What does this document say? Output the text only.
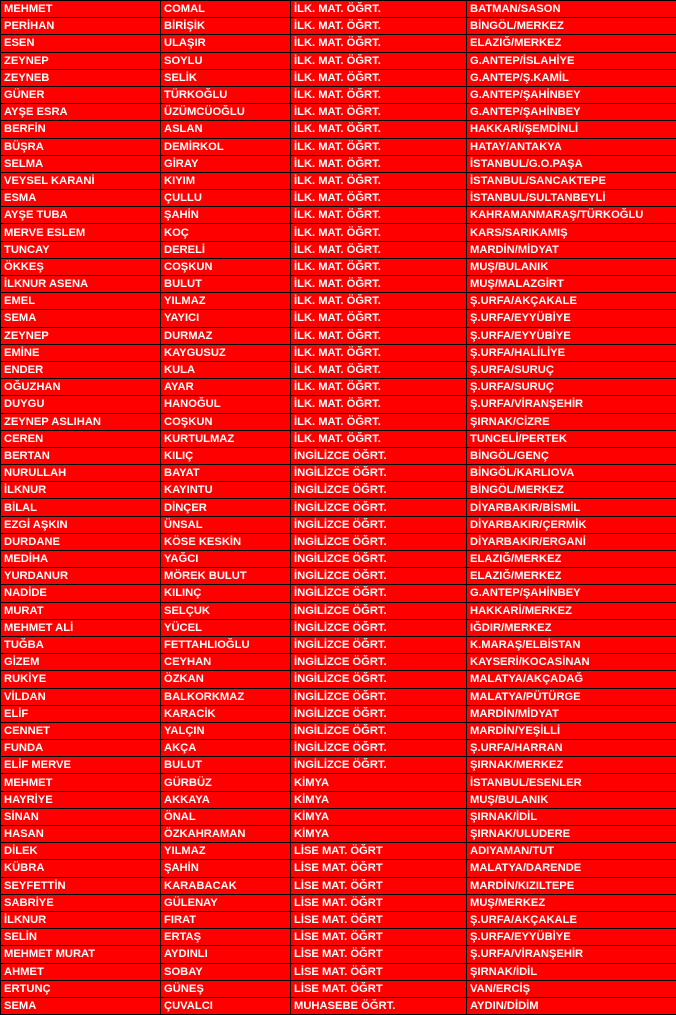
MEHMET	COMAL	İLK. MAT. ÖĞRT.	BATMAN/SASON
PERİHAN	BİRİŞİK	İLK. MAT. ÖĞRT.	BİNGÖL/MERKEZ
ESEN	ULAŞIR	İLK. MAT. ÖĞRT.	ELAZIĞ/MERKEZ
ZEYNEP	SOYLU	İLK. MAT. ÖĞRT.	G.ANTEP/İSLAHİYE
ZEYNEB	SELİK	İLK. MAT. ÖĞRT.	G.ANTEP/Ş.KAMİL
GÜNER	TÜRKOĞLU	İLK. MAT. ÖĞRT.	G.ANTEP/ŞAHİNBEY
AYŞE ESRA	ÜZÜMCÜOĞLU	İLK. MAT. ÖĞRT.	G.ANTEP/ŞAHİNBEY
BERFİN	ASLAN	İLK. MAT. ÖĞRT.	HAKKARİ/ŞEMDİNLİ
BÜŞRA	DEMİRKOL	İLK. MAT. ÖĞRT.	HATAY/ANTAKYA
SELMA	GİRAY	İLK. MAT. ÖĞRT.	İSTANBUL/G.O.PAŞA
VEYSEL KARANİ	KIYIM	İLK. MAT. ÖĞRT.	İSTANBUL/SANCAKTEPE
ESMA	ÇULLU	İLK. MAT. ÖĞRT.	İSTANBUL/SULTANBEYLİ
AYŞE TUBA	ŞAHİN	İLK. MAT. ÖĞRT.	KAHRAMANMARAŞ/TÜRKOĞLU
MERVE ESLEM	KOÇ	İLK. MAT. ÖĞRT.	KARS/SARIKAMIŞ
TUNCAY	DERELİ	İLK. MAT. ÖĞRT.	MARDİN/MİDYAT
ÖKKEŞ	COŞKUN	İLK. MAT. ÖĞRT.	MUŞ/BULANIK
İLKNUR ASENA	BULUT	İLK. MAT. ÖĞRT.	MUŞ/MALAZGİRT
EMEL	YILMAZ	İLK. MAT. ÖĞRT.	Ş.URFA/AKÇAKALE
SEMA	YAYICI	İLK. MAT. ÖĞRT.	Ş.URFA/EYYÜBİYE
ZEYNEP	DURMAZ	İLK. MAT. ÖĞRT.	Ş.URFA/EYYÜBİYE
EMİNE	KAYGUSUZ	İLK. MAT. ÖĞRT.	Ş.URFA/HALİLİYE
ENDER	KULA	İLK. MAT. ÖĞRT.	Ş.URFA/SURUÇ
OĞUZHAN	AYAR	İLK. MAT. ÖĞRT.	Ş.URFA/SURUÇ
DUYGU	HANOĞUL	İLK. MAT. ÖĞRT.	Ş.URFA/VİRANŞEHİR
ZEYNEP ASLIHAN	COŞKUN	İLK. MAT. ÖĞRT.	ŞIRNAK/CİZRE
CEREN	KURTULMAZ	İLK. MAT. ÖĞRT.	TUNCELİ/PERTEK
BERTAN	KILIÇ	İNGİLİZCE ÖĞRT.	BİNGÖL/GENÇ
NURULLAH	BAYAT	İNGİLİZCE ÖĞRT.	BİNGÖL/KARLIOVA
İLKNUR	KAYINTU	İNGİLİZCE ÖĞRT.	BİNGÖL/MERKEZ
BİLAL	DİNÇER	İNGİLİZCE ÖĞRT.	DİYARBAKIR/BİSMİL
EZGİ AŞKIN	ÜNSAL	İNGİLİZCE ÖĞRT.	DİYARBAKIR/ÇERMİK
DURDANE	KÖSE KESKİN	İNGİLİZCE ÖĞRT.	DİYARBAKIR/ERGANİ
MEDİHA	YAĞCI	İNGİLİZCE ÖĞRT.	ELAZIĞ/MERKEZ
YURDANUR	MÖREK BULUT	İNGİLİZCE ÖĞRT.	ELAZIĞ/MERKEZ
NADİDE	KILINÇ	İNGİLİZCE ÖĞRT.	G.ANTEP/ŞAHİNBEY
MURAT	SELÇUK	İNGİLİZCE ÖĞRT.	HAKKARİ/MERKEZ
MEHMET ALİ	YÜCEL	İNGİLİZCE ÖĞRT.	IĞDIR/MERKEZ
TUĞBA	FETTAHLIOĞLU	İNGİLİZCE ÖĞRT.	K.MARAŞ/ELBİSTAN
GİZEM	CEYHAN	İNGİLİZCE ÖĞRT.	KAYSERİ/KOCASİNAN
RUKİYE	ÖZKAN	İNGİLİZCE ÖĞRT.	MALATYA/AKÇADAĞ
VİLDAN	BALKORKMAZ	İNGİLİZCE ÖĞRT.	MALATYA/PÜTÜRGE
ELİF	KARACİK	İNGİLİZCE ÖĞRT.	MARDİN/MİDYAT
CENNET	YALÇIN	İNGİLİZCE ÖĞRT.	MARDİN/YEŞİLLİ
FUNDA	AKÇA	İNGİLİZCE ÖĞRT.	Ş.URFA/HARRAN
ELİF MERVE	BULUT	İNGİLİZCE ÖĞRT.	ŞIRNAK/MERKEZ
MEHMET	GÜRBÜZ	KİMYA	İSTANBUL/ESENLER
HAYRİYE	AKKAYA	KİMYA	MUŞ/BULANIK
SİNAN	ÖNAL	KİMYA	ŞIRNAK/İDİL
HASAN	ÖZKAHRAMAN	KİMYA	ŞIRNAK/ULUDERE
DİLEK	YILMAZ	LİSE MAT. ÖĞRT	ADIYAMAN/TUT
KÜBRA	ŞAHİN	LİSE MAT. ÖĞRT	MALATYA/DARENDE
SEYFETTİN	KARABACAK	LİSE MAT. ÖĞRT	MARDİN/KIZILTEPE
SABRİYE	GÜLENAY	LİSE MAT. ÖĞRT	MUŞ/MERKEZ
İLKNUR	FIRAT	LİSE MAT. ÖĞRT	Ş.URFA/AKÇAKALE
SELİN	ERTAŞ	LİSE MAT. ÖĞRT	Ş.URFA/EYYÜBİYE
MEHMET MURAT	AYDINLI	LİSE MAT. ÖĞRT	Ş.URFA/VİRANŞEHİR
AHMET	SOBAY	LİSE MAT. ÖĞRT	ŞIRNAK/İDİL
ERTUNÇ	GÜNEŞ	LİSE MAT. ÖĞRT	VAN/ERCİŞ
SEMA	ÇUVALCI	MUHASEBE ÖĞRT.	AYDIN/DİDİM
